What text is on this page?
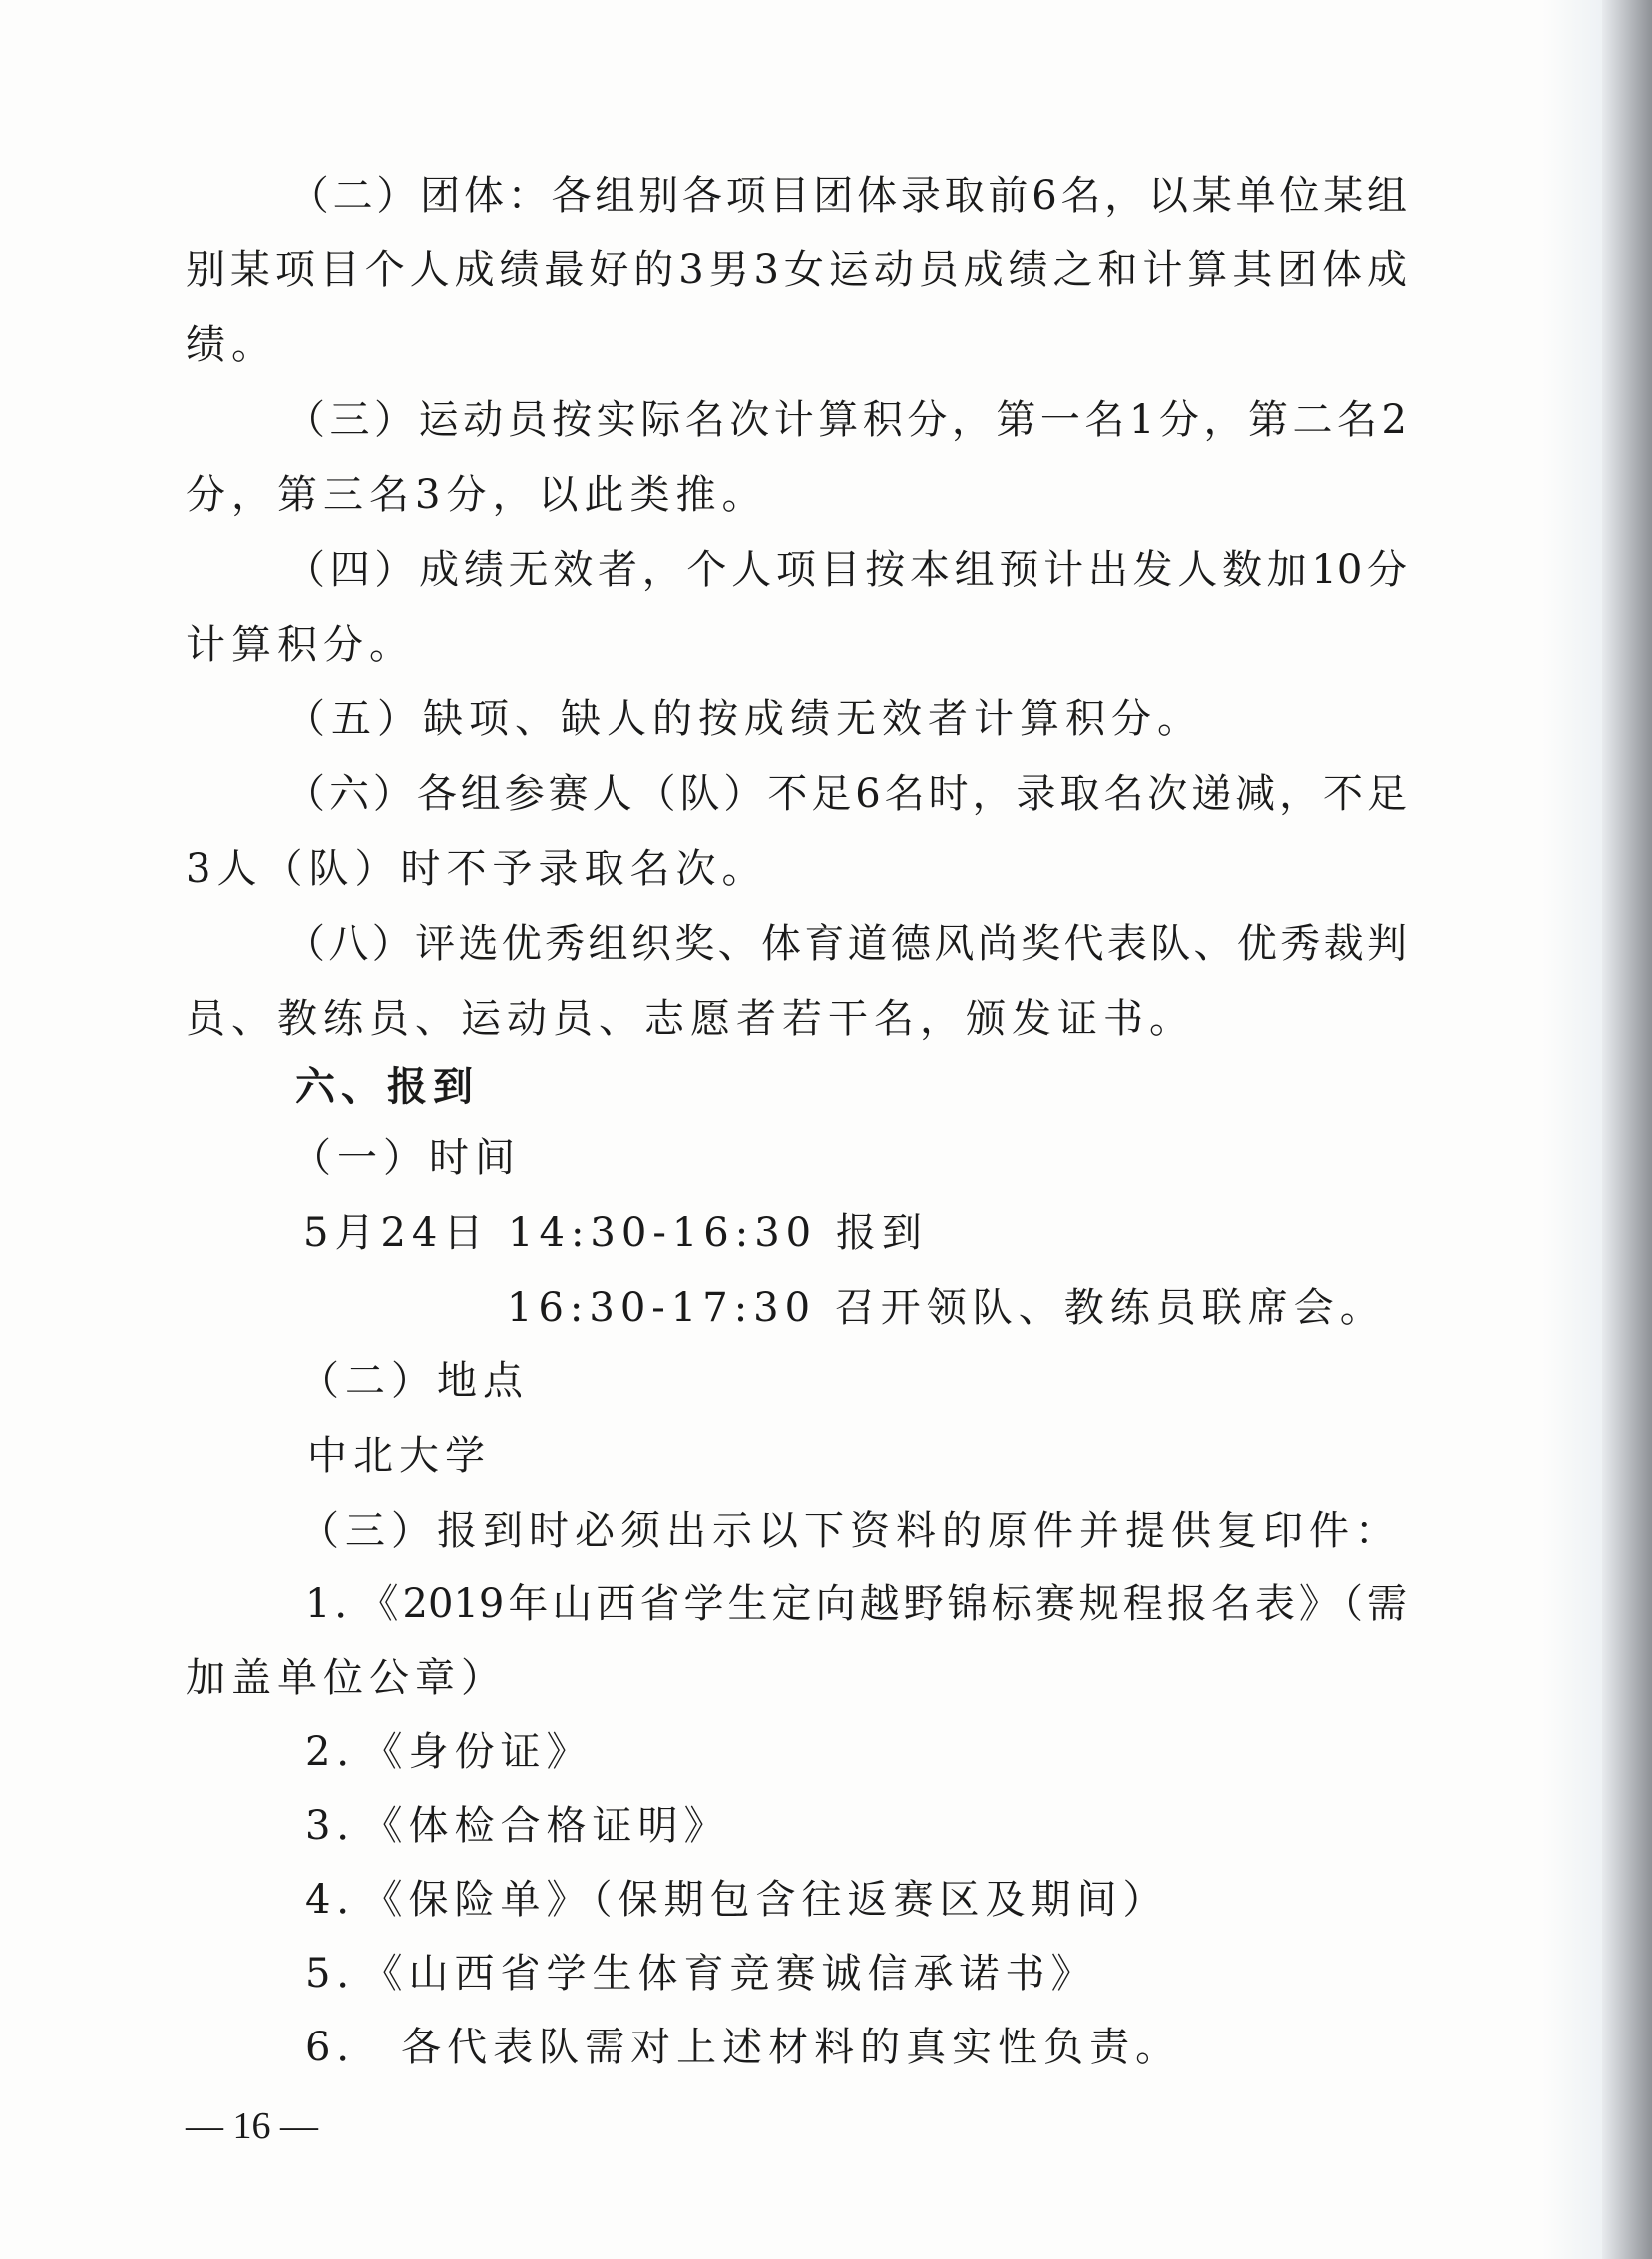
（二）团体：各组别各项目团体录取前6名，以某单位某组
别某项目个人成绩最好的3男3女运动员成绩之和计算其团体成
绩。
（三）运动员按实际名次计算积分，第一名1分，第二名2
分，第三名3分，以此类推。
（四）成绩无效者，个人项目按本组预计出发人数加10分
计算积分。
（五）缺项、缺人的按成绩无效者计算积分。
（六）各组参赛人（队）不足6名时，录取名次递减，不足
3人（队）时不予录取名次。
（八）评选优秀组织奖、体育道德风尚奖代表队、优秀裁判
员、教练员、运动员、志愿者若干名，颁发证书。
六、报到
（一）时间
5月24日 14:30-16:30 报到
16:30-17:30 召开领队、教练员联席会。
（二）地点
中北大学
（三）报到时必须出示以下资料的原件并提供复印件：
1．《2019年山西省学生定向越野锦标赛规程报名表》（需
加盖单位公章）
2．《身份证》
3．《体检合格证明》
4．《保险单》（保期包含往返赛区及期间）
5．《山西省学生体育竞赛诚信承诺书》
6． 各代表队需对上述材料的真实性负责。
— 16 —
